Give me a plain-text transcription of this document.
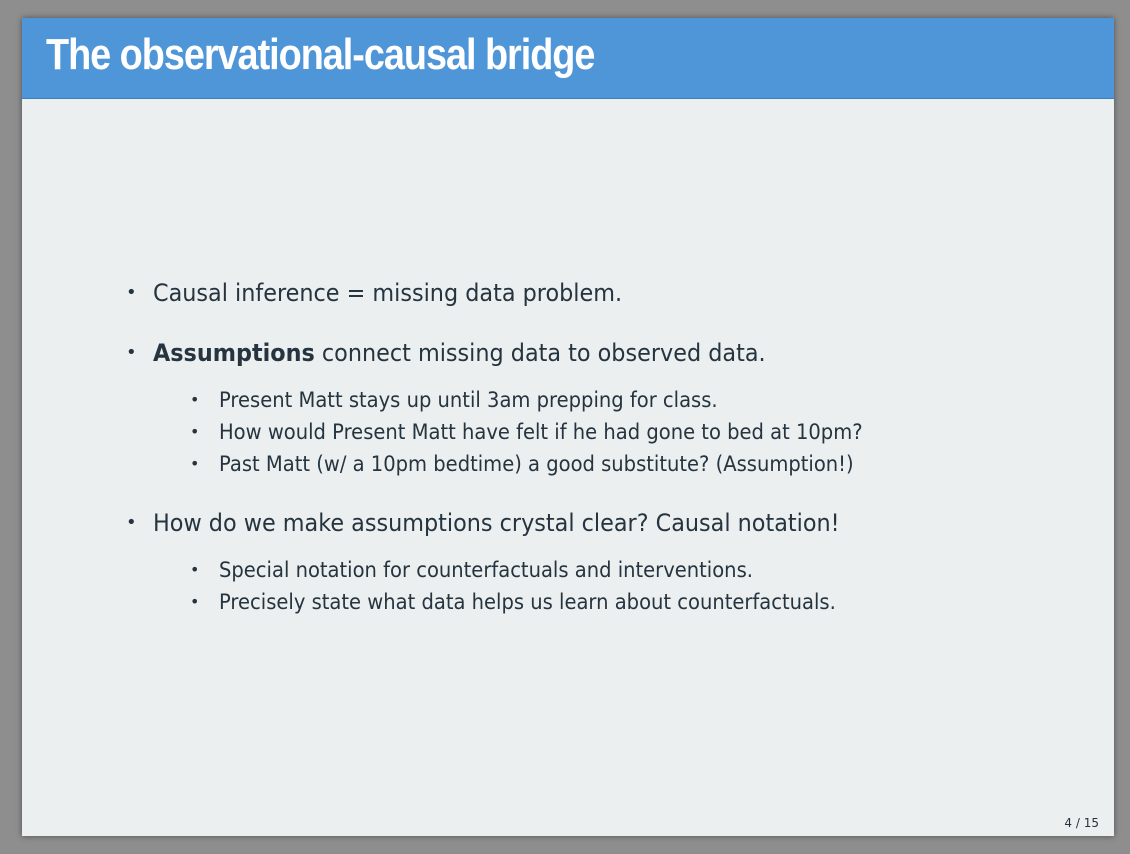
The observational-causal bridge
• Causal inference = missing data problem.
• Assumptions connect missing data to observed data.
• Present Matt stays up until 3am prepping for class.
• How would Present Matt have felt if he had gone to bed at 10pm?
• Past Matt (w/ a 10pm bedtime) a good substitute? (Assumption!)
• How do we make assumptions crystal clear? Causal notation!
• Special notation for counterfactuals and interventions.
• Precisely state what data helps us learn about counterfactuals.
4 / 15
